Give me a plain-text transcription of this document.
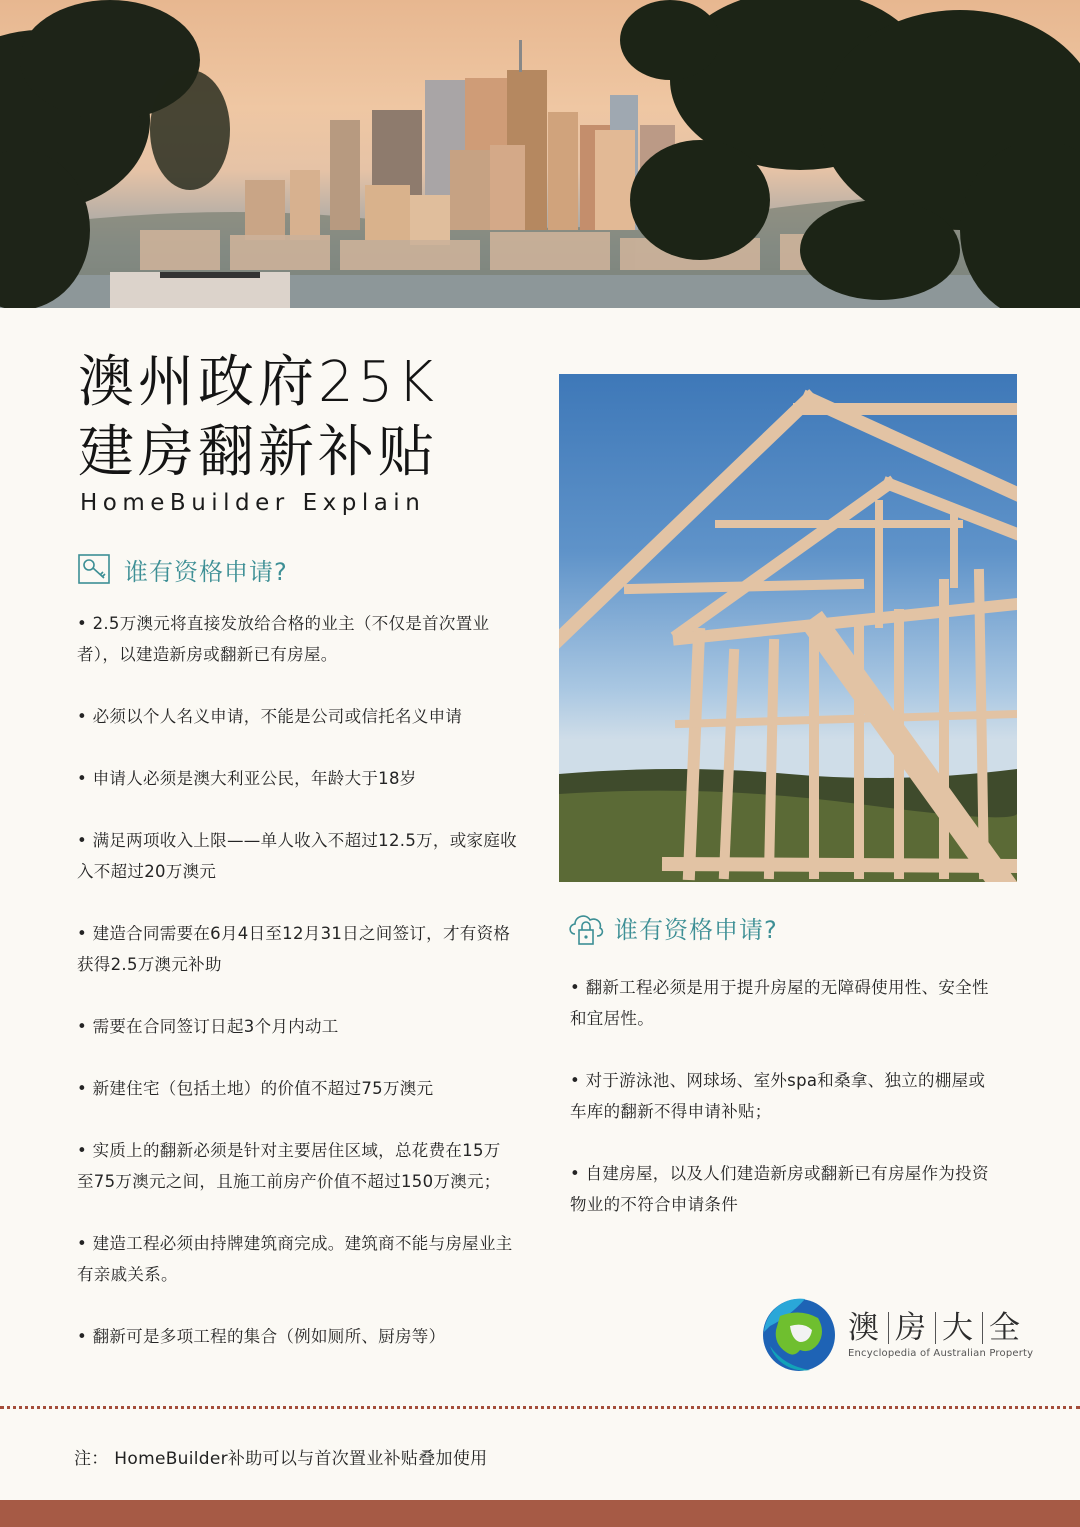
澳州政府25K
建房翻新补贴
HomeBuilder Explain
谁有资格申请?
• 2.5万澳元将直接发放给合格的业主（不仅是首次置业者），以建造新房或翻新已有房屋。
• 必须以个人名义申请，不能是公司或信托名义申请
• 申请人必须是澳大利亚公民，年龄大于18岁
• 满足两项收入上限——单人收入不超过12.5万，或家庭收入不超过20万澳元
• 建造合同需要在6月4日至12月31日之间签订，才有资格获得2.5万澳元补助
• 需要在合同签订日起3个月内动工
• 新建住宅（包括土地）的价值不超过75万澳元
• 实质上的翻新必须是针对主要居住区域，总花费在15万至75万澳元之间，且施工前房产价值不超过150万澳元；
• 建造工程必须由持牌建筑商完成。建筑商不能与房屋业主有亲戚关系。
• 翻新可是多项工程的集合（例如厕所、厨房等）
谁有资格申请?
• 翻新工程必须是用于提升房屋的无障碍使用性、安全性和宜居性。
• 对于游泳池、网球场、室外spa和桑拿、独立的棚屋或车库的翻新不得申请补贴；
• 自建房屋，以及人们建造新房或翻新已有房屋作为投资物业的不符合申请条件
澳 房 大 全
Encyclopedia of Australian Property
注： HomeBuilder补助可以与首次置业补贴叠加使用
